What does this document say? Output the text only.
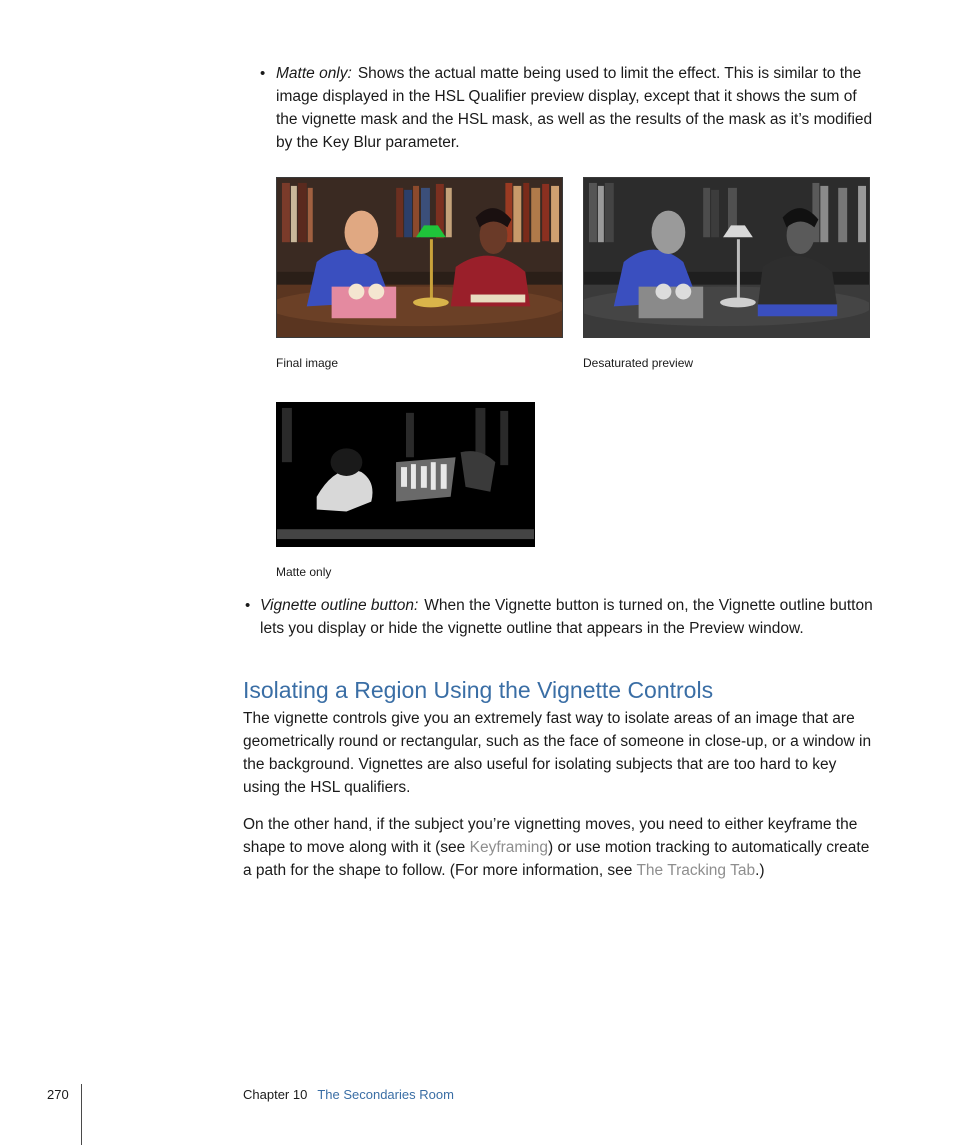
• Matte only: Shows the actual matte being used to limit the effect. This is similar to the image displayed in the HSL Qualifier preview display, except that it shows the sum of the vignette mask and the HSL mask, as well as the results of the mask as it’s modified by the Key Blur parameter.

Final image	Desaturated preview
Matte only
• Vignette outline button: When the Vignette button is turned on, the Vignette outline button lets you display or hide the vignette outline that appears in the Preview window.

Isolating a Region Using the Vignette Controls

The vignette controls give you an extremely fast way to isolate areas of an image that are geometrically round or rectangular, such as the face of someone in close-up, or a window in the background. Vignettes are also useful for isolating subjects that are too hard to key using the HSL qualifiers.

On the other hand, if the subject you’re vignetting moves, you need to either keyframe the shape to move along with it (see Keyframing) or use motion tracking to automatically create a path for the shape to follow. (For more information, see The Tracking Tab.)

270	Chapter 10 The Secondaries Room
